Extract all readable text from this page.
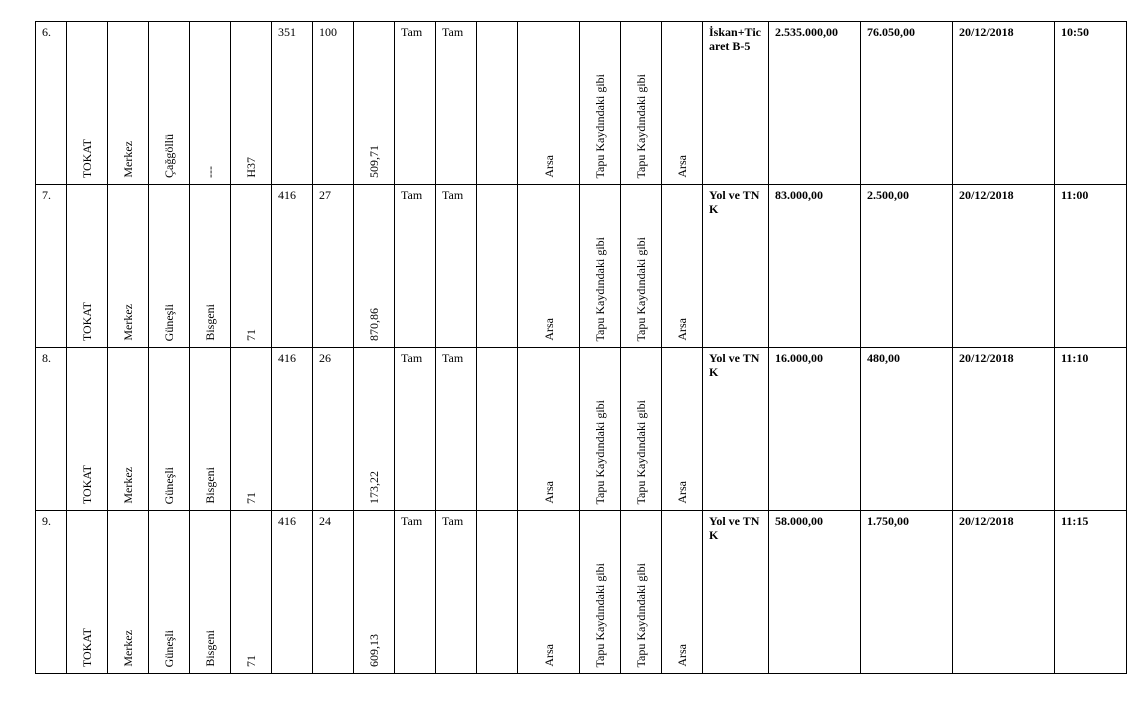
6.	TOKAT	Merkez	Çağgöllü	---	H37	351	100	509,71	Tam	Tam		Arsa	Tapu Kaydındaki gibi	Tapu Kaydındaki gibi	Arsa	İskan+Ticaret B-5	2.535.000,00	76.050,00	20/12/2018	10:50

7.	TOKAT	Merkez	Güneşli	Bisgeni	71	416	27	870,86	Tam	Tam		Arsa	Tapu Kaydındaki gibi	Tapu Kaydındaki gibi	Arsa	Yol ve TNK	83.000,00	2.500,00	20/12/2018	11:00

8.	TOKAT	Merkez	Güneşli	Bisgeni	71	416	26	173,22	Tam	Tam		Arsa	Tapu Kaydındaki gibi	Tapu Kaydındaki gibi	Arsa	Yol ve TNK	16.000,00	480,00	20/12/2018	11:10

9.	TOKAT	Merkez	Güneşli	Bisgeni	71	416	24	609,13	Tam	Tam		Arsa	Tapu Kaydındaki gibi	Tapu Kaydındaki gibi	Arsa	Yol ve TNK	58.000,00	1.750,00	20/12/2018	11:15
